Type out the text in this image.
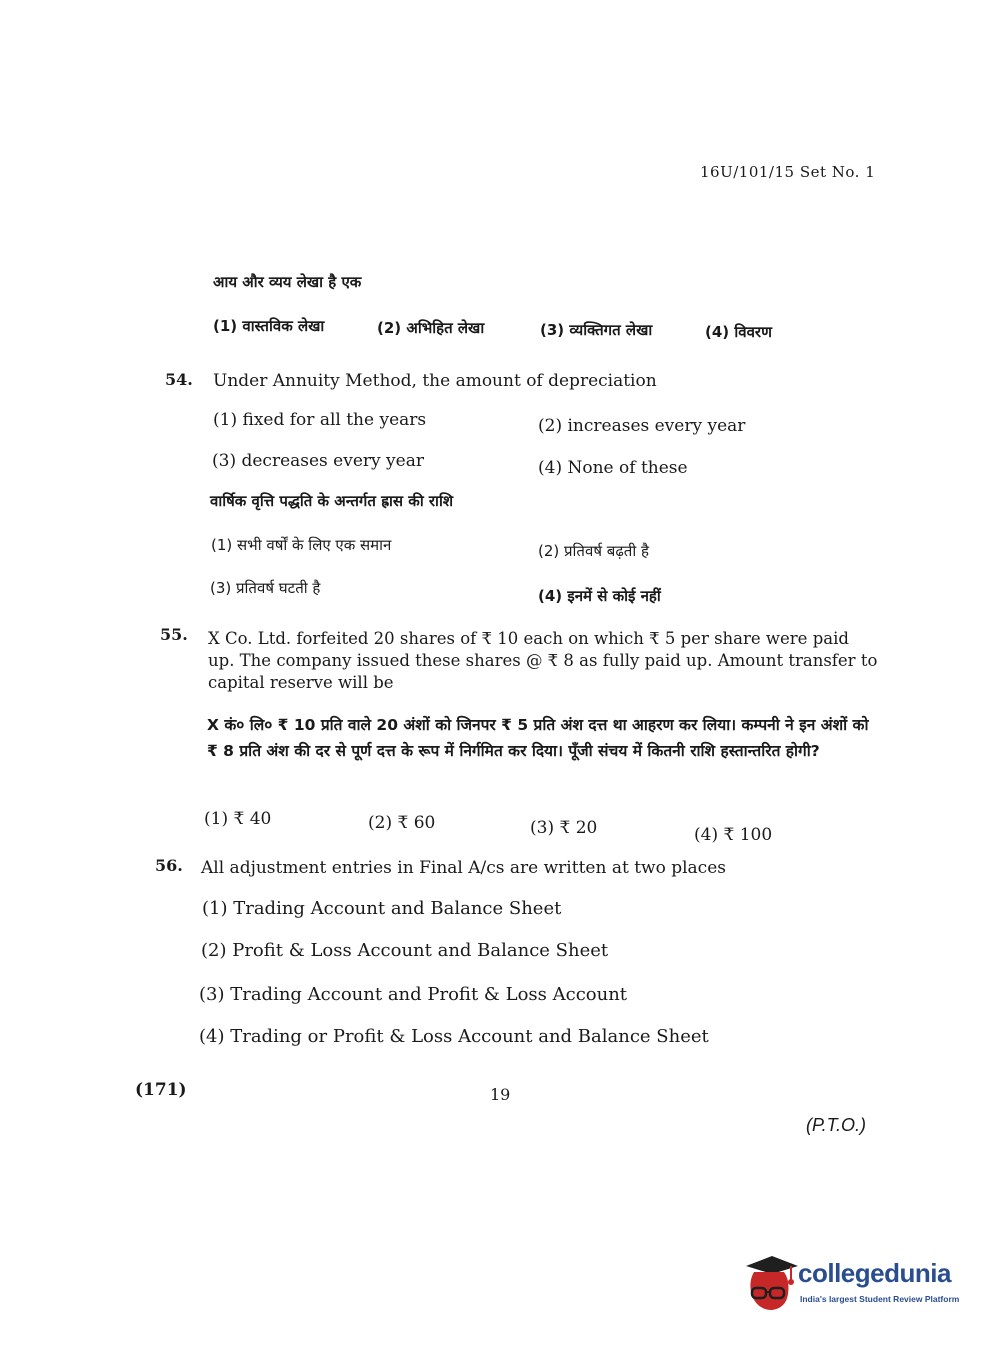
16U/101/15 Set No. 1
आय और व्यय लेखा है एक
(1) वास्तविक लेखा	(2) अभिहित लेखा	(3) व्यक्तिगत लेखा	(4) विवरण
54. Under Annuity Method, the amount of depreciation
(1) fixed for all the years	(2) increases every year
(3) decreases every year	(4) None of these
वार्षिक वृत्ति पद्धति के अन्तर्गत ह्रास की राशि
(1) सभी वर्षों के लिए एक समान	(2) प्रतिवर्ष बढ़ती है
(3) प्रतिवर्ष घटती है	(4) इनमें से कोई नहीं
55. X Co. Ltd. forfeited 20 shares of ₹ 10 each on which ₹ 5 per share were paid up. The company issued these shares @ ₹ 8 as fully paid up. Amount transfer to capital reserve will be
X कं० लि० ₹ 10 प्रति वाले 20 अंशों को जिनपर ₹ 5 प्रति अंश दत्त था आहरण कर लिया। कम्पनी ने इन अंशों को ₹ 8 प्रति अंश की दर से पूर्ण दत्त के रूप में निर्गमित कर दिया। पूँजी संचय में कितनी राशि हस्तान्तरित होगी?
(1) ₹ 40	(2) ₹ 60	(3) ₹ 20	(4) ₹ 100
56. All adjustment entries in Final A/cs are written at two places
(1) Trading Account and Balance Sheet
(2) Profit & Loss Account and Balance Sheet
(3) Trading Account and Profit & Loss Account
(4) Trading or Profit & Loss Account and Balance Sheet
(171)	19
(P.T.O.)
collegedunia
India's largest Student Review Platform
